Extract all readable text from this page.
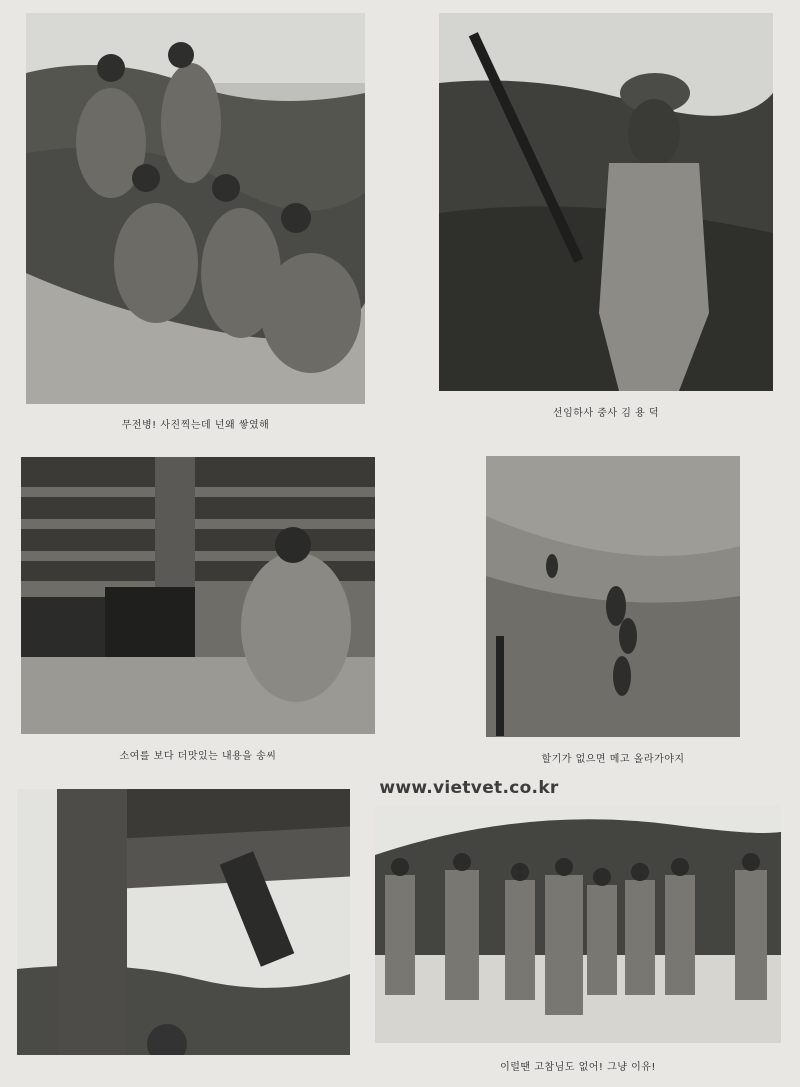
무전병! 사진찍는데 넌왜 쌓였해
선임하사 중사 김 용 덕
소여를 보다 더맛있는 내용을 송씨	할기가 없으면 메고 올라가야지
www.vietvet.co.kr
이럴땐 고참님도 없어! 그냥 이유!
